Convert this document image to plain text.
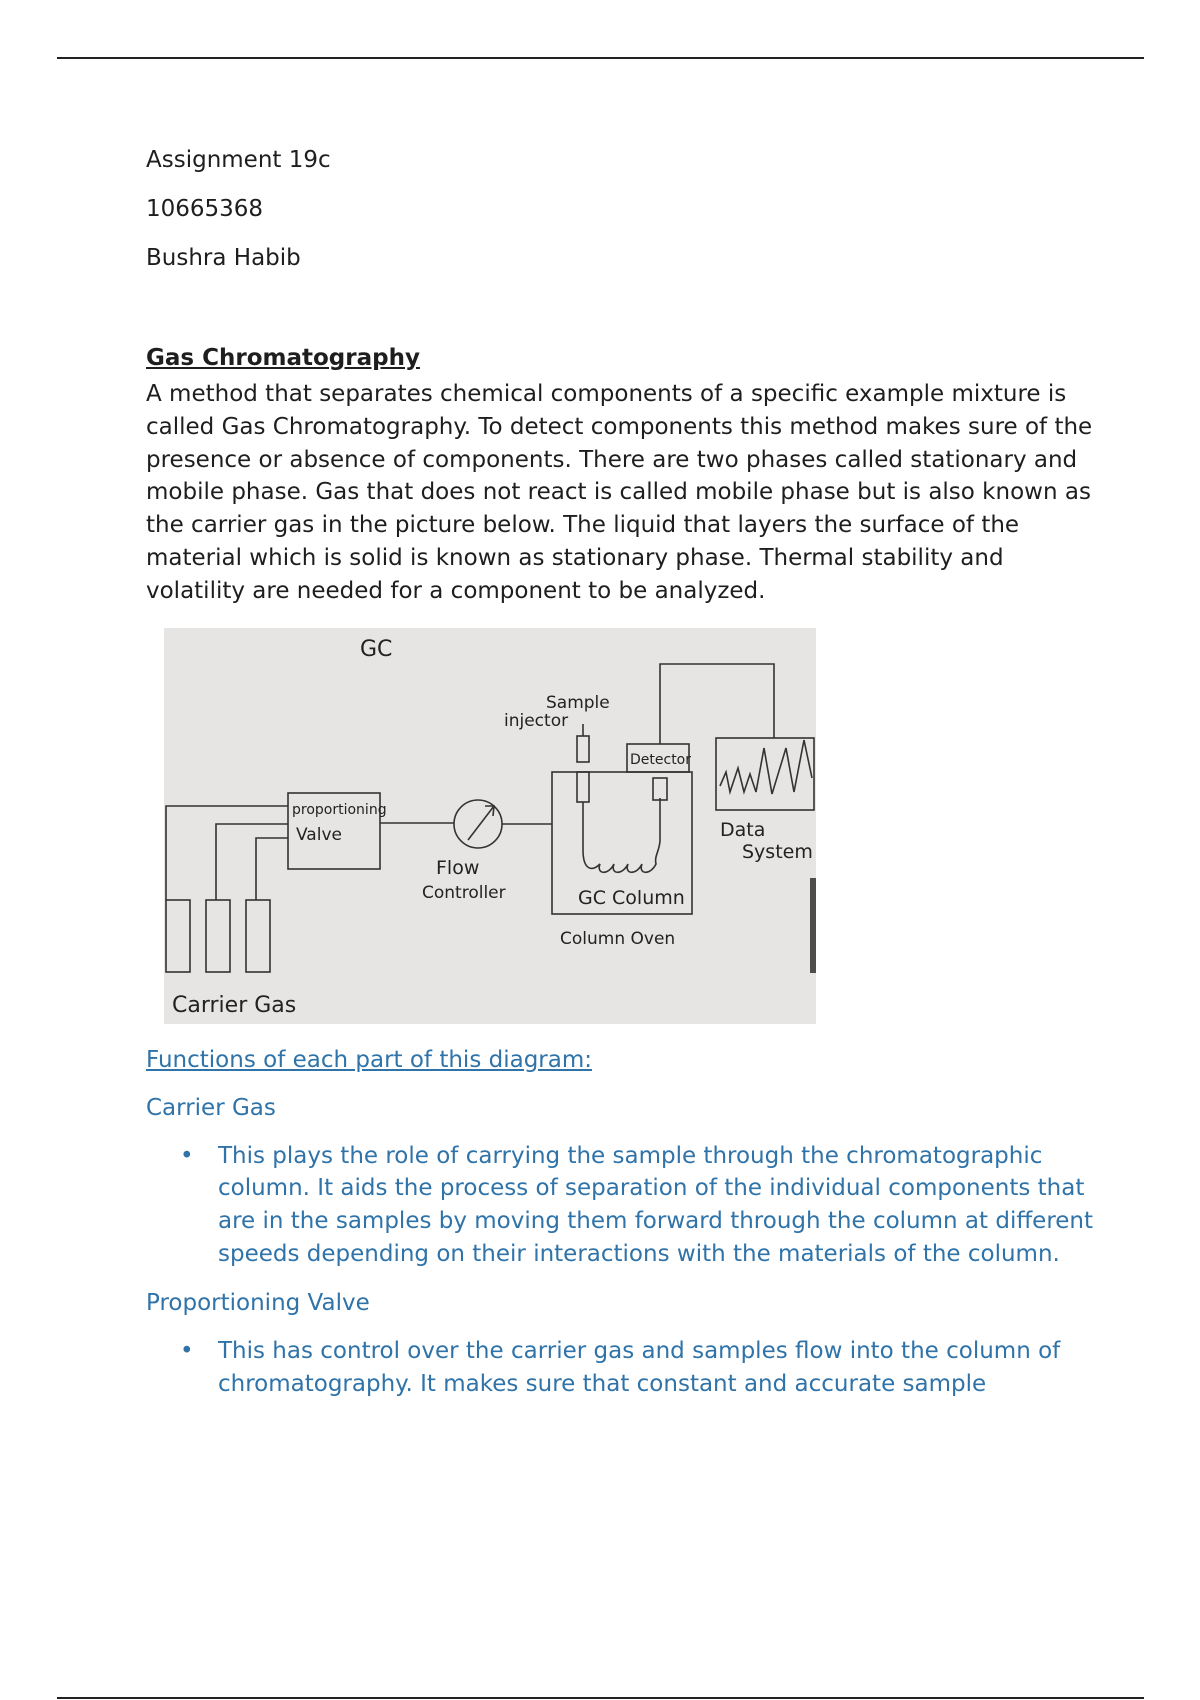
Assignment 19c

10665368

Bushra Habib

Gas Chromatography

A method that separates chemical components of a specific example mixture is called Gas Chromatography. To detect components this method makes sure of the presence or absence of components. There are two phases called stationary and mobile phase. Gas that does not react is called mobile phase but is also known as the carrier gas in the picture below. The liquid that layers the surface of the material which is solid is known as stationary phase. Thermal stability and volatility are needed for a component to be analyzed.

GC
Sample
injector
Detector
proportioning
Valve
Flow
Controller	GC Column
Column Oven
Data
System
Carrier Gas
Functions of each part of this diagram:
Carrier Gas
• This plays the role of carrying the sample through the chromatographic column. It aids the process of separation of the individual components that are in the samples by moving them forward through the column at different speeds depending on their interactions with the materials of the column.
Proportioning Valve
• This has control over the carrier gas and samples flow into the column of chromatography. It makes sure that constant and accurate sample
